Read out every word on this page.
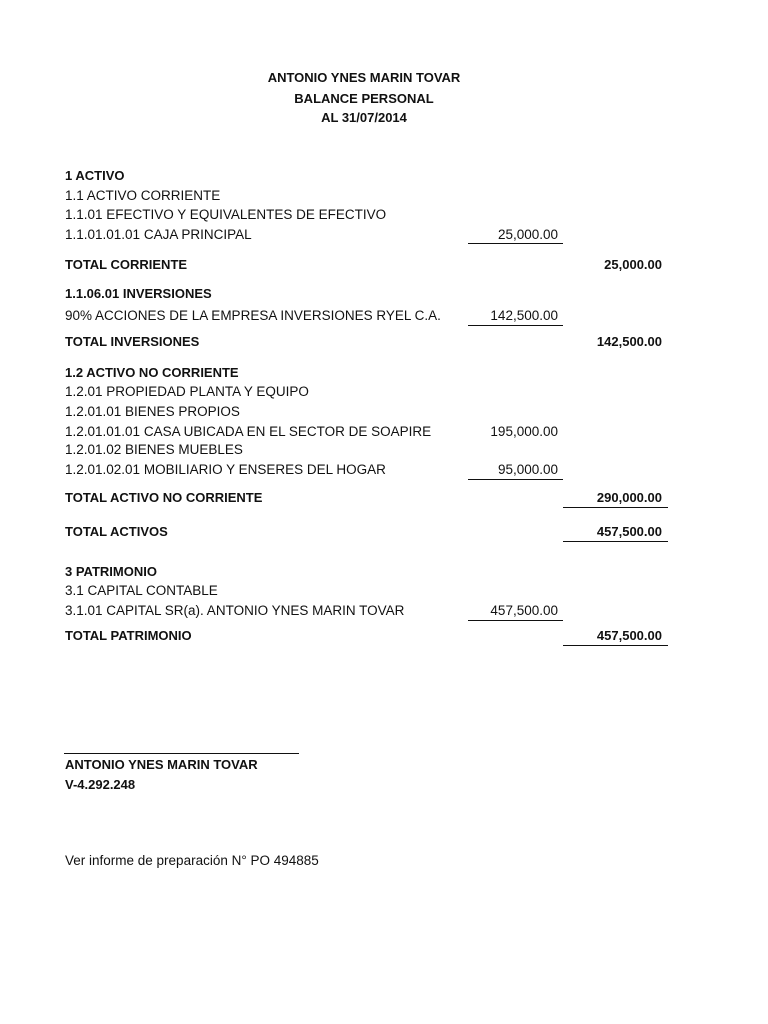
ANTONIO YNES MARIN TOVAR
BALANCE PERSONAL
AL 31/07/2014
1 ACTIVO
1.1 ACTIVO CORRIENTE
1.1.01 EFECTIVO Y EQUIVALENTES DE EFECTIVO
1.1.01.01.01 CAJA PRINCIPAL	25,000.00
TOTAL CORRIENTE	25,000.00
1.1.06.01 INVERSIONES
90% ACCIONES DE LA EMPRESA INVERSIONES RYEL C.A.	142,500.00
TOTAL INVERSIONES	142,500.00
1.2 ACTIVO NO CORRIENTE
1.2.01 PROPIEDAD PLANTA Y EQUIPO
1.2.01.01 BIENES PROPIOS
1.2.01.01.01 CASA UBICADA EN EL SECTOR DE SOAPIRE	195,000.00
1.2.01.02 BIENES MUEBLES
1.2.01.02.01 MOBILIARIO Y ENSERES DEL HOGAR	95,000.00
TOTAL ACTIVO NO CORRIENTE	290,000.00
TOTAL ACTIVOS	457,500.00
3 PATRIMONIO
3.1 CAPITAL CONTABLE
3.1.01 CAPITAL SR(a). ANTONIO YNES MARIN TOVAR	457,500.00
TOTAL PATRIMONIO	457,500.00
ANTONIO YNES MARIN TOVAR
V-4.292.248
Ver informe de preparación N° PO 494885
